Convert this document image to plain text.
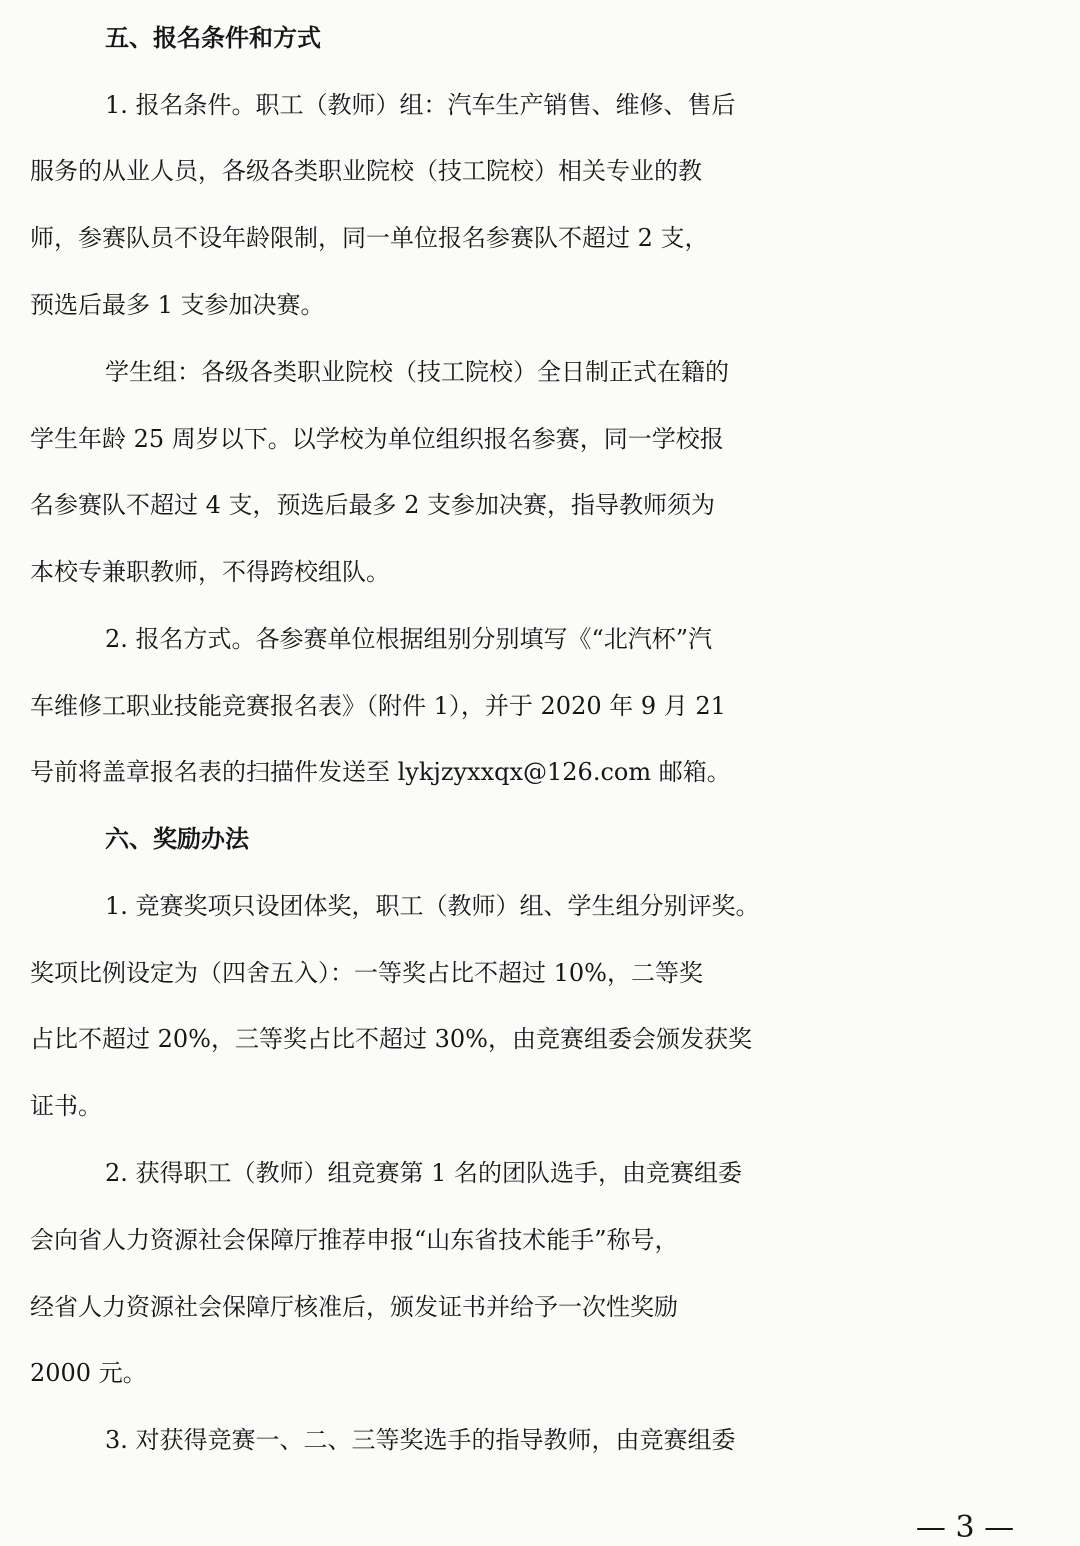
五、报名条件和方式

1. 报名条件。职工（教师）组：汽车生产销售、维修、售后

服务的从业人员，各级各类职业院校（技工院校）相关专业的教

师，参赛队员不设年龄限制，同一单位报名参赛队不超过 2 支，

预选后最多 1 支参加决赛。

学生组：各级各类职业院校（技工院校）全日制正式在籍的

学生年龄 25 周岁以下。以学校为单位组织报名参赛，同一学校报

名参赛队不超过 4 支，预选后最多 2 支参加决赛，指导教师须为

本校专兼职教师，不得跨校组队。

2. 报名方式。各参赛单位根据组别分别填写《“北汽杯”汽

车维修工职业技能竞赛报名表》（附件 1），并于 2020 年 9 月 21

号前将盖章报名表的扫描件发送至 lykjzyxxqx@126.com 邮箱。

六、奖励办法

1. 竞赛奖项只设团体奖，职工（教师）组、学生组分别评奖。

奖项比例设定为（四舍五入）：一等奖占比不超过 10%，二等奖

占比不超过 20%，三等奖占比不超过 30%，由竞赛组委会颁发获奖

证书。

2. 获得职工（教师）组竞赛第 1 名的团队选手，由竞赛组委

会向省人力资源社会保障厅推荐申报“山东省技术能手”称号，

经省人力资源社会保障厅核准后，颁发证书并给予一次性奖励

2000 元。

3. 对获得竞赛一、二、三等奖选手的指导教师，由竞赛组委

— 3 —
